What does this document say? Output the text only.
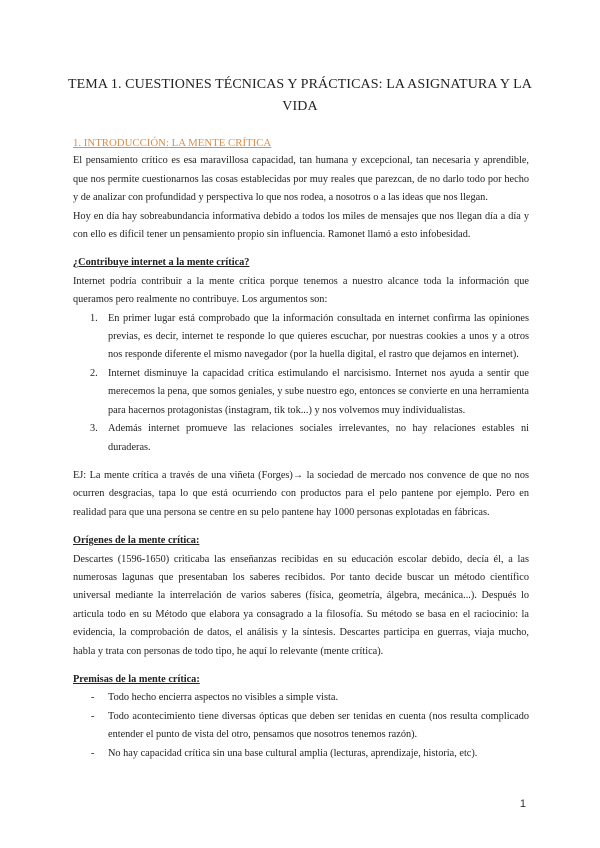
TEMA 1. CUESTIONES TÉCNICAS Y PRÁCTICAS: LA ASIGNATURA Y LA VIDA

1. INTRODUCCIÓN: LA MENTE CRÍTICA

El pensamiento crítico es esa maravillosa capacidad, tan humana y excepcional, tan necesaria y aprendible, que nos permite cuestionarnos las cosas establecidas por muy reales que parezcan, de no darlo todo por hecho y de analizar con profundidad y perspectiva lo que nos rodea, a nosotros o a las ideas que nos llegan.

Hoy en día hay sobreabundancia informativa debido a todos los miles de mensajes que nos llegan día a día y con ello es difícil tener un pensamiento propio sin influencia. Ramonet llamó a esto infobesidad.

¿Contribuye internet a la mente crítica?

Internet podría contribuir a la mente crítica porque tenemos a nuestro alcance toda la información que queramos pero realmente no contribuye. Los argumentos son:

1. En primer lugar está comprobado que la información consultada en internet confirma las opiniones previas, es decir, internet te responde lo que quieres escuchar, por nuestras cookies a unos y a otros nos responde diferente el mismo navegador (por la huella digital, el rastro que dejamos en internet).
2. Internet disminuye la capacidad crítica estimulando el narcisismo. Internet nos ayuda a sentir que merecemos la pena, que somos geniales, y sube nuestro ego, entonces se convierte en una herramienta para hacernos protagonistas (instagram, tik tok...) y nos volvemos muy individualistas.
3. Además internet promueve las relaciones sociales irrelevantes, no hay relaciones estables ni duraderas.

EJ: La mente crítica a través de una viñeta (Forges)→ la sociedad de mercado nos convence de que no nos ocurren desgracias, tapa lo que está ocurriendo con productos para el pelo pantene por ejemplo. Pero en realidad para que una persona se centre en su pelo pantene hay 1000 personas explotadas en fábricas.

Orígenes de la mente crítica:

Descartes (1596-1650) criticaba las enseñanzas recibidas en su educación escolar debido, decía él, a las numerosas lagunas que presentaban los saberes recibidos. Por tanto decide buscar un método científico universal mediante la interrelación de varios saberes (física, geometría, álgebra, mecánica...). Después lo articula todo en su Método que elabora ya consagrado a la filosofía. Su método se basa en el raciocinio: la evidencia, la comprobación de datos, el análisis y la síntesis. Descartes participa en guerras, viaja mucho, habla y trata con personas de todo tipo, he aquí lo relevante (mente crítica).

Premisas de la mente crítica:

- Todo hecho encierra aspectos no visibles a simple vista.
- Todo acontecimiento tiene diversas ópticas que deben ser tenidas en cuenta (nos resulta complicado entender el punto de vista del otro, pensamos que nosotros tenemos razón).
- No hay capacidad crítica sin una base cultural amplia (lecturas, aprendizaje, historia, etc).
1
